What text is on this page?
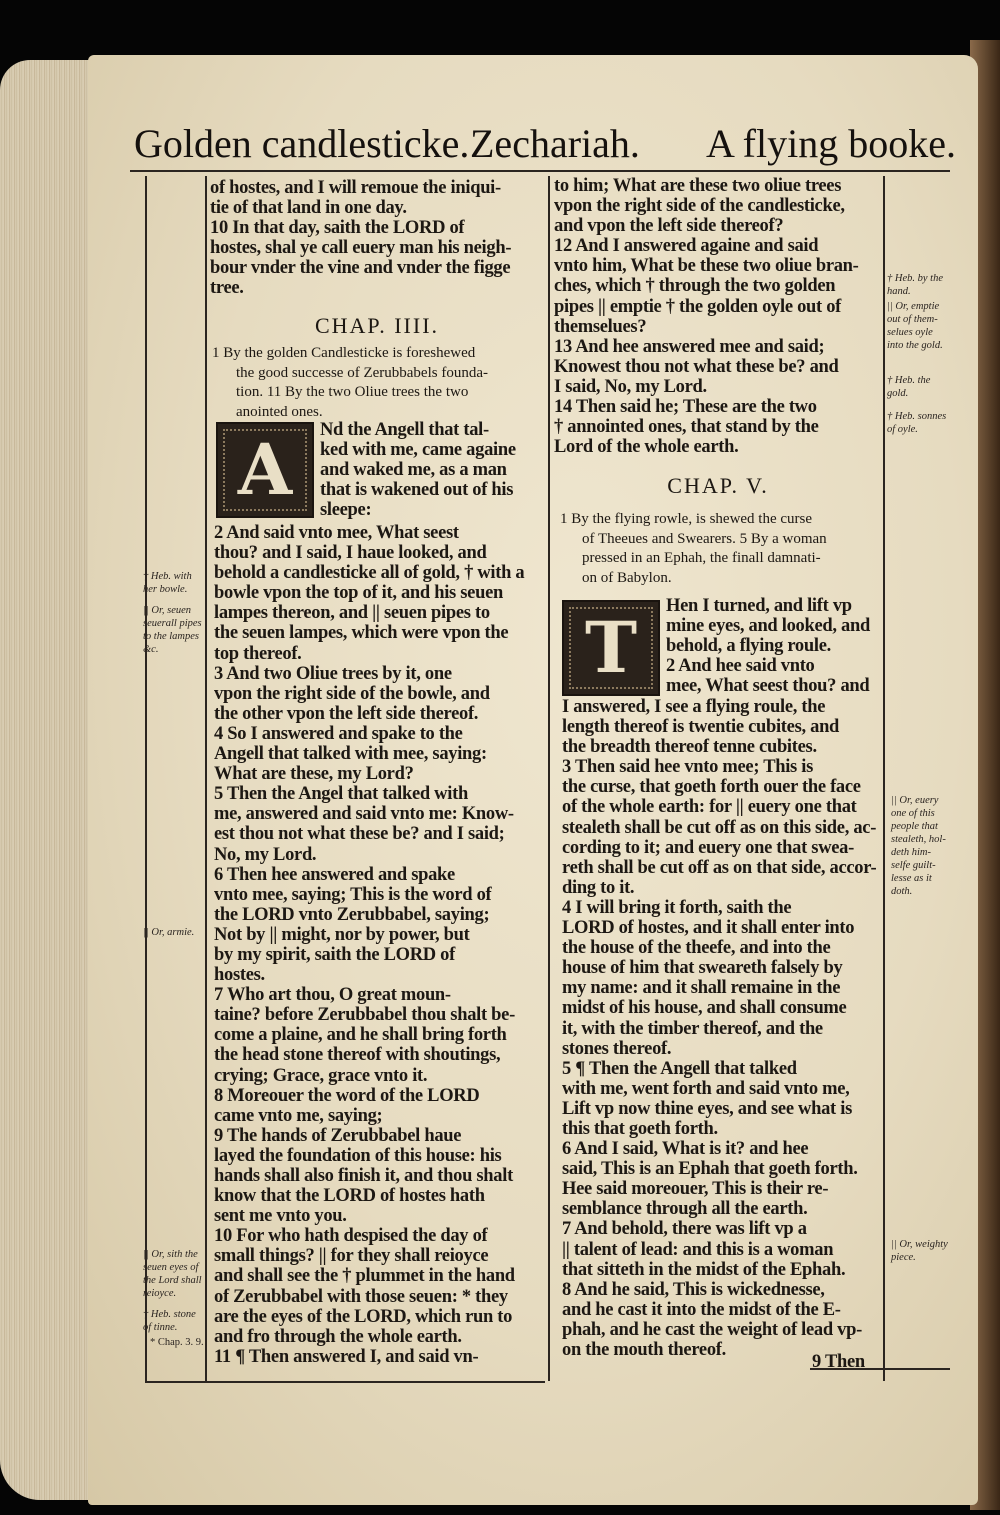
Golden candlesticke. Zechariah. A flying booke.
of hostes, and I will remoue the iniqui-
tie of that land in one day.
10 In that day, saith the LORD of
hostes, shal ye call euery man his neigh-
bour vnder the vine and vnder the figge
tree.
CHAP. IIII.
1 By the golden Candlesticke is foreshewed
the good successe of Zerubbabels founda-
tion. 11 By the two Oliue trees the two
anointed ones.
A	Nd the Angell that tal-
ked with me, came againe
and waked me, as a man
that is wakened out of his
sleepe:
2 And said vnto mee, What seest
thou? and I said, I haue looked, and
behold a candlesticke all of gold, † with a
bowle vpon the top of it, and his seuen
lampes thereon, and || seuen pipes to
the seuen lampes, which were vpon the
top thereof.
3 And two Oliue trees by it, one
vpon the right side of the bowle, and
the other vpon the left side thereof.
4 So I answered and spake to the
Angell that talked with mee, saying:
What are these, my Lord?
5 Then the Angel that talked with
me, answered and said vnto me: Know-
est thou not what these be? and I said;
No, my Lord.
6 Then hee answered and spake
vnto mee, saying; This is the word of
the LORD vnto Zerubbabel, saying;
Not by || might, nor by power, but
by my spirit, saith the LORD of
hostes.
7 Who art thou, O great moun-
taine? before Zerubbabel thou shalt be-
come a plaine, and he shall bring forth
the head stone thereof with shoutings,
crying; Grace, grace vnto it.
8 Moreouer the word of the LORD
came vnto me, saying;
9 The hands of Zerubbabel haue
layed the foundation of this house: his
hands shall also finish it, and thou shalt
know that the LORD of hostes hath
sent me vnto you.
10 For who hath despised the day of
small things? || for they shall reioyce
and shall see the † plummet in the hand
of Zerubbabel with those seuen: * they
are the eyes of the LORD, which run to
and fro through the whole earth.
11 ¶ Then answered I, and said vn-
† Heb. with her bowle.
|| Or, seuen seuerall pipes to the lampes &c.
|| Or, armie.
|| Or, sith the seuen eyes of the Lord shall reioyce.
† Heb. stone of tinne.
* Chap. 3. 9.
to him; What are these two oliue trees
vpon the right side of the candlesticke,
and vpon the left side thereof?
12 And I answered againe and said
vnto him, What be these two oliue bran-
ches, which † through the two golden
pipes || emptie † the golden oyle out of
themselues?
13 And hee answered mee and said;
Knowest thou not what these be? and
I said, No, my Lord.
14 Then said he; These are the two
† annointed ones, that stand by the
Lord of the whole earth.
CHAP. V.
1 By the flying rowle, is shewed the curse
of Theeues and Swearers. 5 By a woman
pressed in an Ephah, the finall damnati-
on of Babylon.
T	Hen I turned, and lift vp
mine eyes, and looked, and
behold, a flying roule.
2 And hee said vnto
mee, What seest thou? and
I answered, I see a flying roule, the
length thereof is twentie cubites, and
the breadth thereof tenne cubites.
3 Then said hee vnto mee; This is
the curse, that goeth forth ouer the face
of the whole earth: for || euery one that
stealeth shall be cut off as on this side, ac-
cording to it; and euery one that swea-
reth shall be cut off as on that side, accor-
ding to it.
4 I will bring it forth, saith the
LORD of hostes, and it shall enter into
the house of the theefe, and into the
house of him that sweareth falsely by
my name: and it shall remaine in the
midst of his house, and shall consume
it, with the timber thereof, and the
stones thereof.
5 ¶ Then the Angell that talked
with me, went forth and said vnto me,
Lift vp now thine eyes, and see what is
this that goeth forth.
6 And I said, What is it? and hee
said, This is an Ephah that goeth forth.
Hee said moreouer, This is their re-
semblance through all the earth.
7 And behold, there was lift vp a
|| talent of lead: and this is a woman
that sitteth in the midst of the Ephah.
8 And he said, This is wickednesse,
and he cast it into the midst of the E-
phah, and he cast the weight of lead vp-
on the mouth thereof.
9 Then
† Heb. by the hand.
|| Or, emptie out of them-selues oyle into the gold.
† Heb. the gold.
† Heb. sonnes of oyle.
|| Or, euery one of this people that stealeth, hol-deth him-selfe guilt-lesse as it doth.
|| Or, weighty piece.
